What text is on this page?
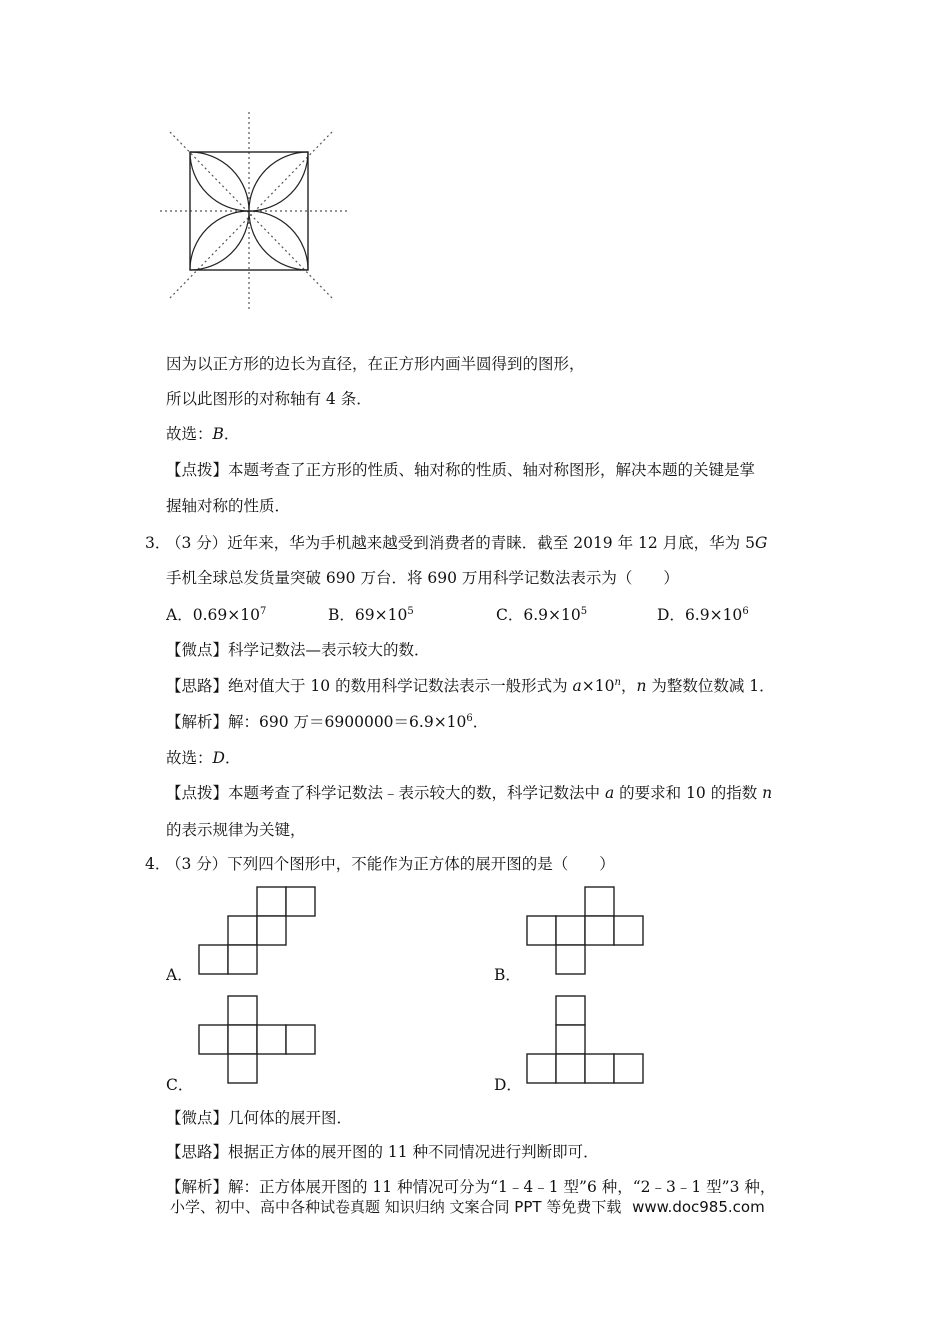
因为以正方形的边长为直径，在正方形内画半圆得到的图形，
所以此图形的对称轴有 4 条．
故选：B．
【点拨】本题考查了正方形的性质、轴对称的性质、轴对称图形，解决本题的关键是掌
握轴对称的性质．
3．
（3 分）近年来，华为手机越来越受到消费者的青睐．截至 2019 年 12 月底，华为 5G
手机全球总发货量突破 690 万台．将 690 万用科学记数法表示为（　　）
A．$0.69\times 10^7$	B．$69\times 10^5$	C．$6.9\times 10^5$	D．$6.9\times 10^6$
【微点】科学记数法—表示较大的数．
【思路】绝对值大于 10 的数用科学记数法表示一般形式为 $a\times 10^n$，n 为整数位数减 1．
【解析】解：690 万$=6900000=6.9\times 10^6$．
故选：D．
【点拨】本题考查了科学记数法﹣表示较大的数，科学记数法中 a 的要求和 10 的指数 n
的表示规律为关键，
4．
（3 分）下列四个图形中，不能作为正方体的展开图的是（　　）
A．	B．
C．	D．
【微点】几何体的展开图．
【思路】根据正方体的展开图的 11 种不同情况进行判断即可．
【解析】解：正方体展开图的 11 种情况可分为“1﹣4﹣1 型”6 种，“2﹣3﹣1 型”3 种，
小学、初中、高中各种试卷真题 知识归纳 文案合同 PPT 等免费下载 www.doc985.com
